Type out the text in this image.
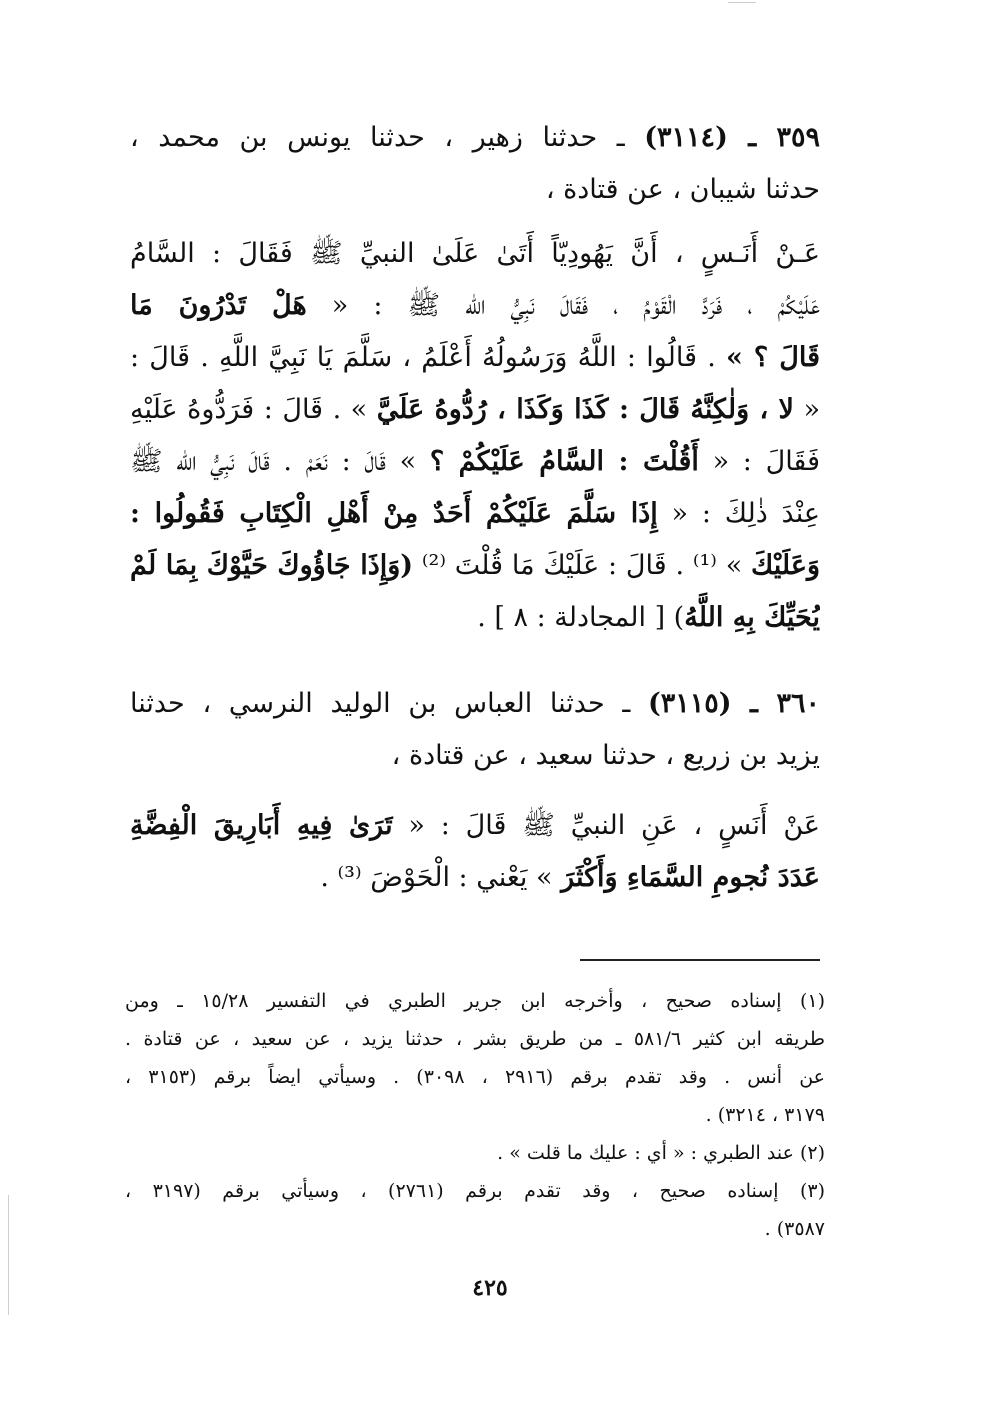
٣٥٩ ـ (٣١١٤) ـ حدثنا زهير ، حدثنا يونس بن محمد ،
حدثنا شيبان ، عن قتادة ،
عَـنْ أَنَـسٍ ، أَنَّ يَهُودِيّاً أَتَىٰ عَلَىٰ النبيِّ ﷺ فَقَالَ : السَّامُ
عَلَيْكُمْ ، فَرَدَّ الْقَوْمُ ، فَقَالَ نَبِيُّ الله ﷺ : « هَلْ تَدْرُونَ مَا
قَالَ ؟ » . قَالُوا : اللَّهُ وَرَسُولُهُ أَعْلَمُ ، سَلَّمَ يَا نَبِيَّ اللَّهِ . قَالَ :
« لا ، وَلٰكِنَّهُ قَالَ : كَذَا وَكَذَا ، رُدُّوهُ عَلَيَّ » . قَالَ : فَرَدُّوهُ عَلَيْهِ
فَقَالَ : « أَقُلْتَ : السَّامُ عَلَيْكُمْ ؟ » قَالَ : نَعَمْ . قَالَ نَبِيُّ الله ﷺ
عِنْدَ ذٰلِكَ : « إِذَا سَلَّمَ عَلَيْكُمْ أَحَدٌ مِنْ أَهْلِ الْكِتَابِ فَقُولُوا :
وَعَلَيْكَ » ⁽¹⁾ . قَالَ : عَلَيْكَ مَا قُلْتَ ⁽²⁾ (وَإِذَا جَاؤُوكَ حَيَّوْكَ بِمَا لَمْ
يُحَيِّكَ بِهِ اللَّهُ) [ المجادلة : ٨ ] .
٣٦٠ ـ (٣١١٥) ـ حدثنا العباس بن الوليد النرسي ، حدثنا
يزيد بن زريع ، حدثنا سعيد ، عن قتادة ،
عَنْ أَنَسٍ ، عَنِ النبيِّ ﷺ قَالَ : « تَرَىٰ فِيهِ أَبَارِيقَ الْفِضَّةِ
عَدَدَ نُجومِ السَّمَاءِ وَأَكْثَرَ » يَعْني : الْحَوْضَ ⁽³⁾ .
(١) إسناده صحيح ، وأخرجه ابن جرير الطبري في التفسير ١٥/٢٨ ـ ومن
طريقه ابن كثير ٥٨١/٦ ـ من طريق بشر ، حدثنا يزيد ، عن سعيد ، عن قتادة .
عن أنس . وقد تقدم برقم (٢٩١٦ ، ٣٠٩٨) . وسيأتي ايضاً برقم (٣١٥٣ ،
٣١٧٩ ، ٣٢١٤) .
(٢) عند الطبري : « أي : عليك ما قلت » .
(٣) إسناده صحيح ، وقد تقدم برقم (٢٧٦١) ، وسيأتي برقم (٣١٩٧ ،
٣٥٨٧) .
٤٢٥
